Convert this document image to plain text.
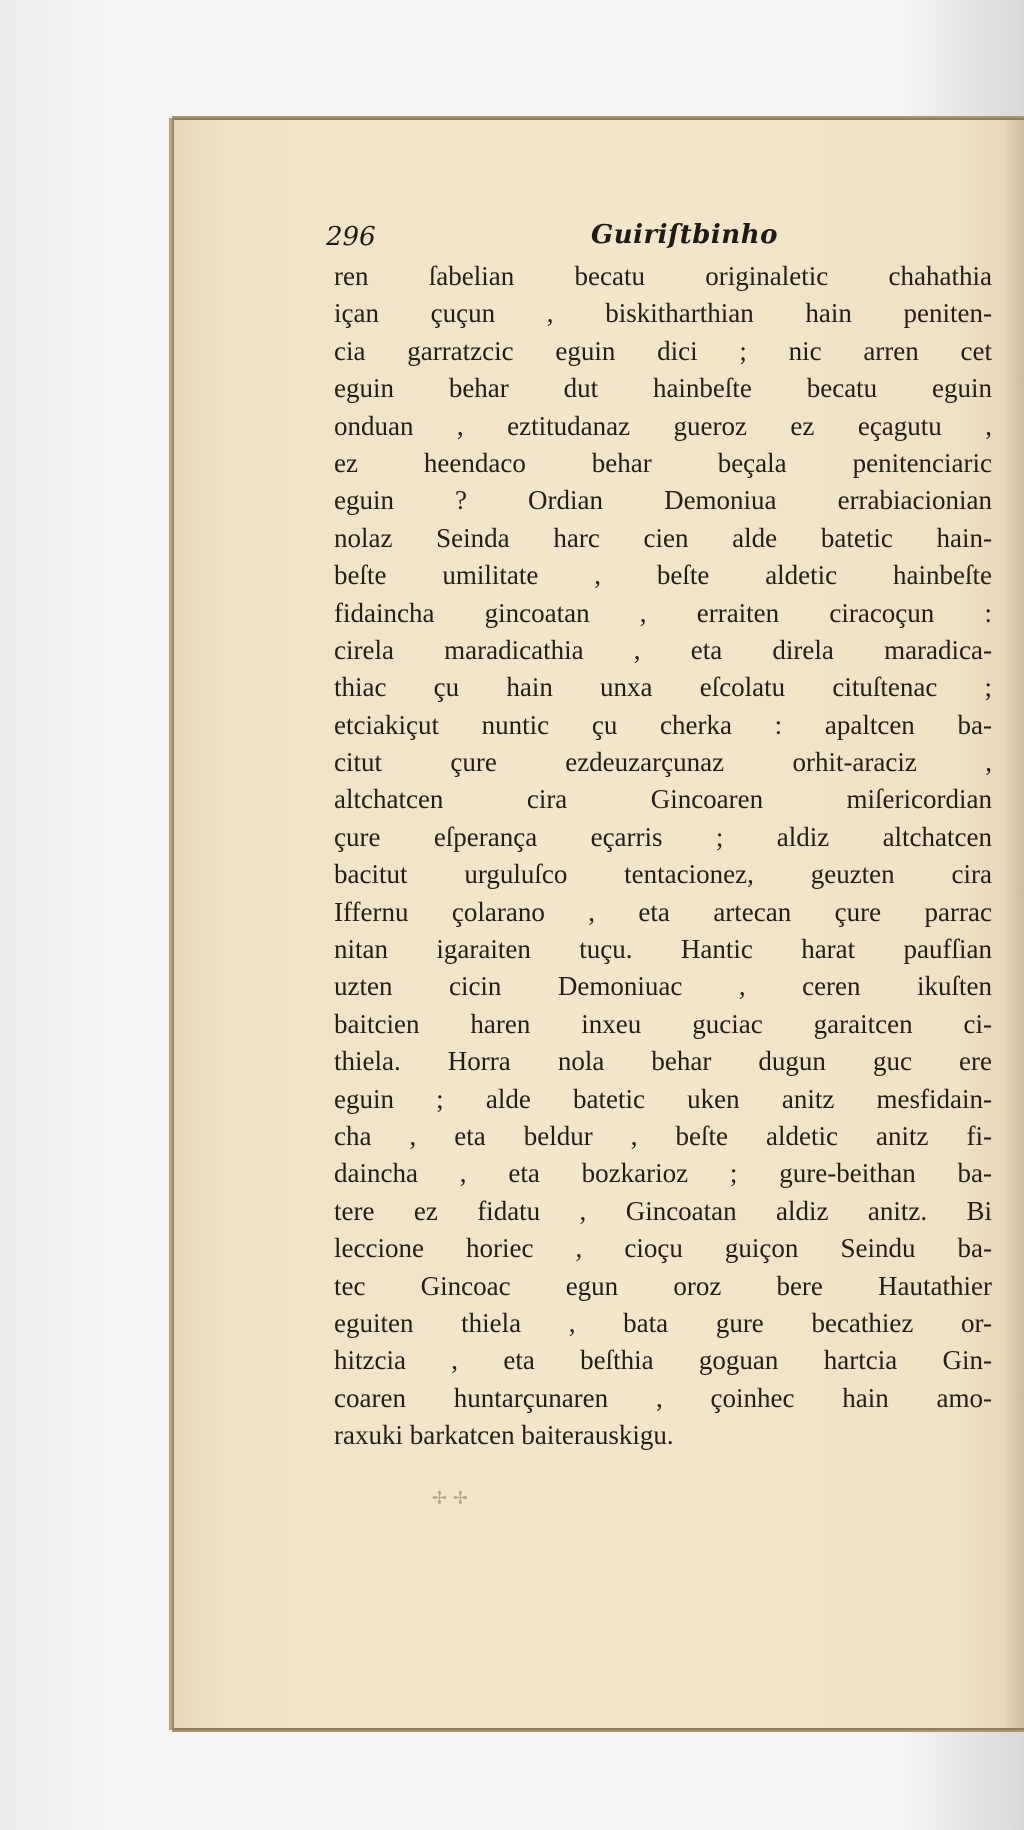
296	Guiriſtbinho
ren ſabelian becatu originaletic chahathia
içan çuçun , biskitharthian hain peniten-
cia garratzcic eguin dici ; nic arren cet
eguin behar dut hainbeſte becatu eguin
onduan , eztitudanaz gueroz ez eçagutu ,
ez heendaco behar beçala penitenciaric
eguin ? Ordian Demoniua errabiacionian
nolaz Seinda harc cien alde batetic hain-
beſte umilitate , beſte aldetic hainbeſte
fidaincha gincoatan , erraiten ciracoçun :
cirela maradicathia , eta direla maradica-
thiac çu hain unxa eſcolatu cituſtenac ;
etciakiçut nuntic çu cherka : apaltcen ba-
citut çure ezdeuzarçunaz orhit-araciz ,
altchatcen cira Gincoaren miſericordian
çure eſperança eçarris ; aldiz altchatcen
bacitut urguluſco tentacionez, geuzten cira
Iffernu çolarano , eta artecan çure parrac
nitan igaraiten tuçu. Hantic harat paufſian
uzten cicin Demoniuac , ceren ikuſten
baitcien haren inxeu guciac garaitcen ci-
thiela. Horra nola behar dugun guc ere
eguin ; alde batetic uken anitz mesfidain-
cha , eta beldur , beſte aldetic anitz fi-
daincha , eta bozkarioz ; gure-beithan ba-
tere ez fidatu , Gincoatan aldiz anitz. Bi
leccione horiec , cioçu guiçon Seindu ba-
tec Gincoac egun oroz bere Hautathier
eguiten thiela , bata gure becathiez or-
hitzcia , eta beſthia goguan hartcia Gin-
coaren huntarçunaren , çoinhec hain amo-
raxuki barkatcen baiterauskigu.
✢ ✢
